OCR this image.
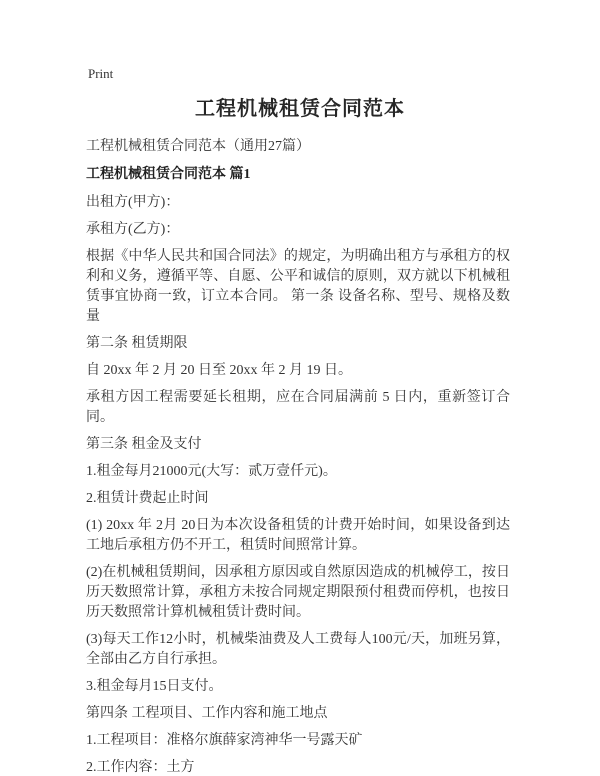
Print
工程机械租赁合同范本
工程机械租赁合同范本（通用27篇）
工程机械租赁合同范本 篇1

出租方(甲方)：

承租方(乙方)：

根据《中华人民共和国合同法》的规定，为明确出租方与承租方的权利和义务，遵循平等、自愿、公平和诚信的原则，双方就以下机械租赁事宜协商一致，订立本合同。 第一条 设备名称、型号、规格及数量

第二条 租赁期限

自 20xx 年 2 月 20 日至 20xx 年 2 月 19 日。

承租方因工程需要延长租期，应在合同届满前 5 日内，重新签订合同。

第三条 租金及支付

1.租金每月21000元(大写：贰万壹仟元)。

2.租赁计费起止时间

(1) 20xx 年 2月 20日为本次设备租赁的计费开始时间，如果设备到达工地后承租方仍不开工，租赁时间照常计算。

(2)在机械租赁期间，因承租方原因或自然原因造成的机械停工，按日历天数照常计算，承租方未按合同规定期限预付租费而停机，也按日历天数照常计算机械租赁计费时间。

(3)每天工作12小时，机械柴油费及人工费每人100元/天，加班另算，全部由乙方自行承担。

3.租金每月15日支付。

第四条 工程项目、工作内容和施工地点

1.工程项目：准格尔旗薛家湾神华一号露天矿

2.工作内容：土方
